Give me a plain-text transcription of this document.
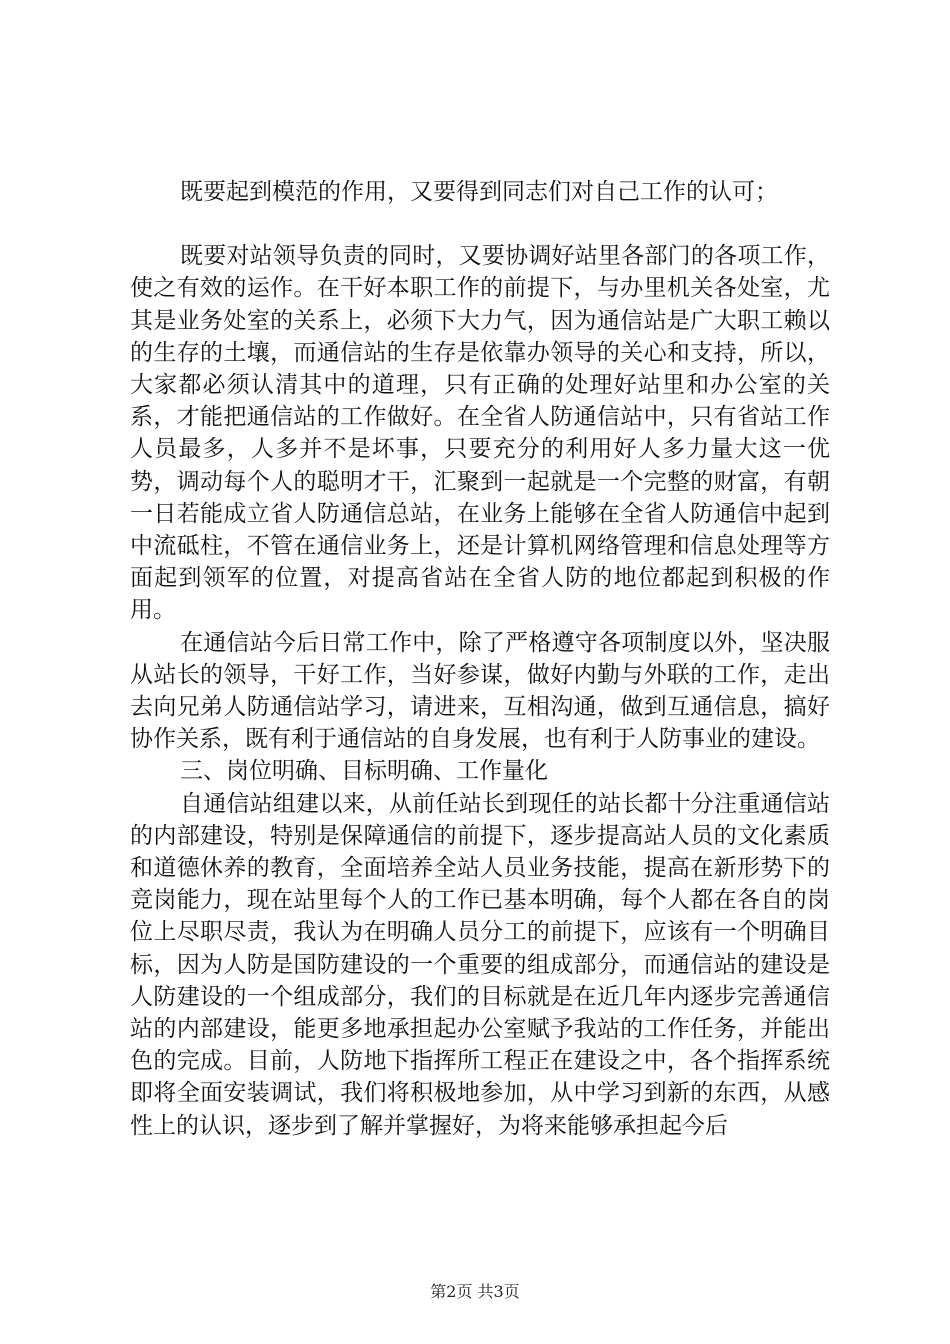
既要起到模范的作用，又要得到同志们对自己工作的认可；

既要对站领导负责的同时，又要协调好站里各部门的各项工作，使之有效的运作。在干好本职工作的前提下，与办里机关各处室，尤其是业务处室的关系上，必须下大力气，因为通信站是广大职工赖以的生存的土壤，而通信站的生存是依靠办领导的关心和支持，所以，大家都必须认清其中的道理，只有正确的处理好站里和办公室的关系，才能把通信站的工作做好。在全省人防通信站中，只有省站工作人员最多，人多并不是坏事，只要充分的利用好人多力量大这一优势，调动每个人的聪明才干，汇聚到一起就是一个完整的财富，有朝一日若能成立省人防通信总站，在业务上能够在全省人防通信中起到中流砥柱，不管在通信业务上，还是计算机网络管理和信息处理等方面起到领军的位置，对提高省站在全省人防的地位都起到积极的作用。

在通信站今后日常工作中，除了严格遵守各项制度以外，坚决服从站长的领导，干好工作，当好参谋，做好内勤与外联的工作，走出去向兄弟人防通信站学习，请进来，互相沟通，做到互通信息，搞好协作关系，既有利于通信站的自身发展，也有利于人防事业的建设。

三、岗位明确、目标明确、工作量化

自通信站组建以来，从前任站长到现任的站长都十分注重通信站的内部建设，特别是保障通信的前提下，逐步提高站人员的文化素质和道德休养的教育，全面培养全站人员业务技能，提高在新形势下的竞岗能力，现在站里每个人的工作已基本明确，每个人都在各自的岗位上尽职尽责，我认为在明确人员分工的前提下，应该有一个明确目标，因为人防是国防建设的一个重要的组成部分，而通信站的建设是人防建设的一个组成部分，我们的目标就是在近几年内逐步完善通信站的内部建设，能更多地承担起办公室赋予我站的工作任务，并能出色的完成。目前，人防地下指挥所工程正在建设之中，各个指挥系统即将全面安装调试，我们将积极地参加，从中学习到新的东西，从感性上的认识，逐步到了解并掌握好，为将来能够承担起今后

第2页 共3页
